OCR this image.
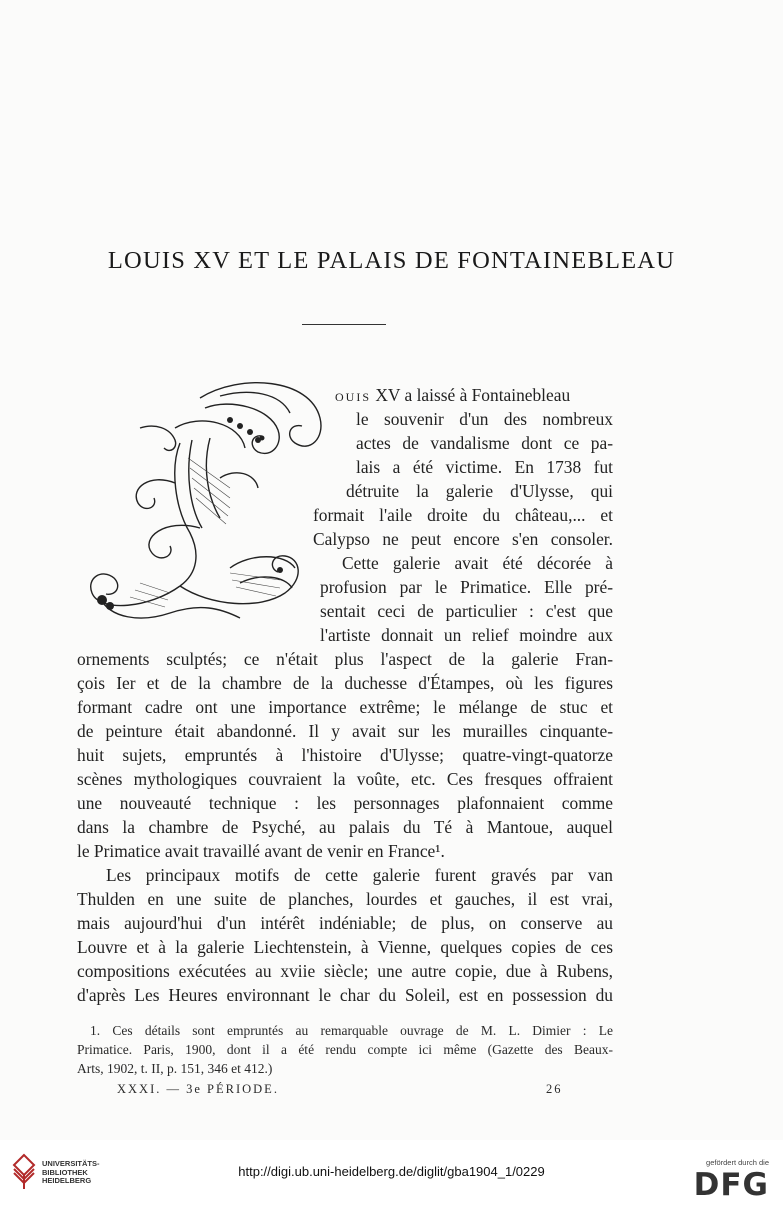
LOUIS XV ET LE PALAIS DE FONTAINEBLEAU
OUIS XV a laissé à Fontainebleau
le souvenir d'un des nombreux
actes de vandalisme dont ce pa-
lais a été victime. En 1738 fut
détruite la galerie d'Ulysse, qui
formait l'aile droite du château,... et
Calypso ne peut encore s'en consoler.
Cette galerie avait été décorée à
profusion par le Primatice. Elle pré-
sentait ceci de particulier : c'est que
l'artiste donnait un relief moindre aux
ornements sculptés; ce n'était plus l'aspect de la galerie Fran-
çois Ier et de la chambre de la duchesse d'Étampes, où les figures
formant cadre ont une importance extrême; le mélange de stuc et
de peinture était abandonné. Il y avait sur les murailles cinquante-
huit sujets, empruntés à l'histoire d'Ulysse; quatre-vingt-quatorze
scènes mythologiques couvraient la voûte, etc. Ces fresques offraient
une nouveauté technique : les personnages plafonnaient comme
dans la chambre de Psyché, au palais du Té à Mantoue, auquel
le Primatice avait travaillé avant de venir en France¹.
Les principaux motifs de cette galerie furent gravés par van
Thulden en une suite de planches, lourdes et gauches, il est vrai,
mais aujourd'hui d'un intérêt indéniable; de plus, on conserve au
Louvre et à la galerie Liechtenstein, à Vienne, quelques copies de ces
compositions exécutées au xviie siècle; une autre copie, due à Rubens,
d'après Les Heures environnant le char du Soleil, est en possession du
1. Ces détails sont empruntés au remarquable ouvrage de M. L. Dimier : Le
Primatice. Paris, 1900, dont il a été rendu compte ici même (Gazette des Beaux-
Arts, 1902, t. II, p. 151, 346 et 412.)
XXXI. — 3e PÉRIODE.	26
UNIVERSITÄTS-
BIBLIOTHEK
HEIDELBERG
http://digi.ub.uni-heidelberg.de/diglit/gba1904_1/0229
gefördert durch die
DFG
